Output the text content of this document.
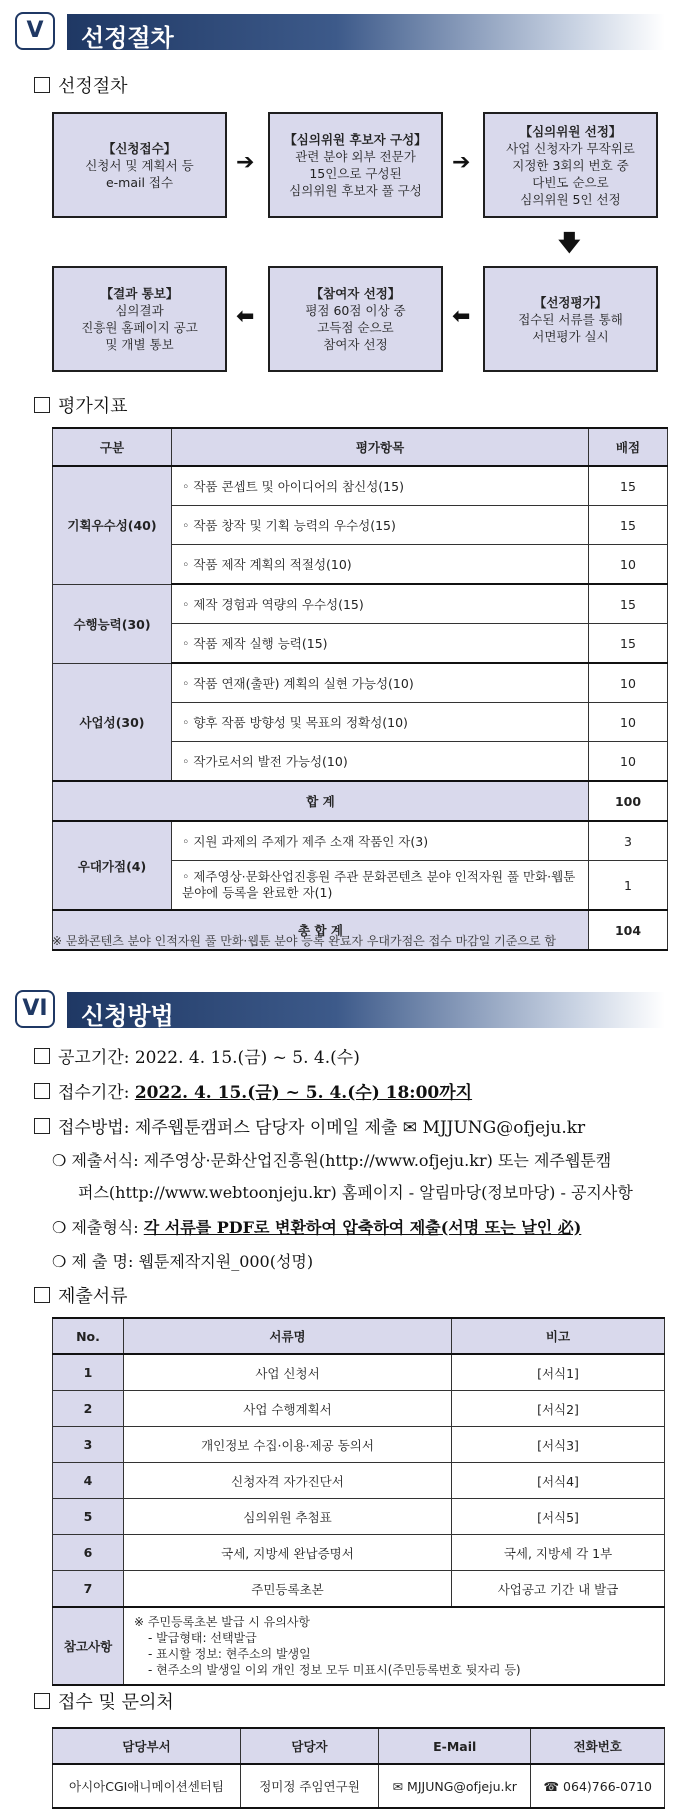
V	선정절차
선정절차
【신청접수】
신청서 및 계획서 등
e-mail 접수
➔
【심의위원 후보자 구성】
관련 분야 외부 전문가
15인으로 구성된
심의위원 후보자 풀 구성
➔
【심의위원 선정】
사업 신청자가 무작위로
지정한 3회의 번호 중
다빈도 순으로
심의위원 5인 선정
🡇
【선정평가】
접수된 서류를 통해
서면평가 실시
⬅
【참여자 선정】
평점 60점 이상 중
고득점 순으로
참여자 선정
⬅
【결과 통보】
심의결과
진흥원 홈페이지 공고
및 개별 통보
평가지표
구분	평가항목	배점
기획우수성(40)	◦ 작품 콘셉트 및 아이디어의 참신성(15)	15
	◦ 작품 창작 및 기획 능력의 우수성(15)	15
	◦ 작품 제작 계획의 적절성(10)	10
수행능력(30)	◦ 제작 경험과 역량의 우수성(15)	15
	◦ 작품 제작 실행 능력(15)	15
사업성(30)	◦ 작품 연재(출판) 계획의 실현 가능성(10)	10
	◦ 향후 작품 방향성 및 목표의 정확성(10)	10
	◦ 작가로서의 발전 가능성(10)	10
합 계		100
우대가점(4)	◦ 지원 과제의 주제가 제주 소재 작품인 자(3)	3
	◦ 제주영상·문화산업진흥원 주관 문화콘텐츠 분야 인적자원 풀 만화·웹툰 분야에 등록을 완료한 자(1)	1
총 합 계		104
※ 문화콘텐츠 분야 인적자원 풀 만화·웹툰 분야 등록 완료자 우대가점은 접수 마감일 기준으로 함
VI	신청방법
공고기간: 2022. 4. 15.(금) ~ 5. 4.(수)
접수기간: 2022. 4. 15.(금) ~ 5. 4.(수) 18:00까지
접수방법: 제주웹툰캠퍼스 담당자 이메일 제출 ✉ MJJUNG@ofjeju.kr
❍ 제출서식: 제주영상·문화산업진흥원(http://www.ofjeju.kr) 또는 제주웹툰캠
퍼스(http://www.webtoonjeju.kr) 홈페이지 - 알림마당(정보마당) - 공지사항
❍ 제출형식: 각 서류를 PDF로 변환하여 압축하여 제출(서명 또는 날인 必)
❍ 제 출 명: 웹툰제작지원_000(성명)
제출서류
No.	서류명	비고
1	사업 신청서	[서식1]
2	사업 수행계획서	[서식2]
3	개인정보 수집·이용·제공 동의서	[서식3]
4	신청자격 자가진단서	[서식4]
5	심의위원 추첨표	[서식5]
6	국세, 지방세 완납증명서	국세, 지방세 각 1부
7	주민등록초본	사업공고 기간 내 발급
참고사항	※ 주민등록초본 발급 시 유의사항
- 발급형태: 선택발급
- 표시할 정보: 현주소의 발생일
- 현주소의 발생일 이외 개인 정보 모두 미표시(주민등록번호 뒷자리 등)	
접수 및 문의처
담당부서	담당자	E-Mail	전화번호
아시아CGI애니메이션센터팀	정미정 주임연구원	✉ MJJUNG@ofjeju.kr	☎ 064)766-0710
